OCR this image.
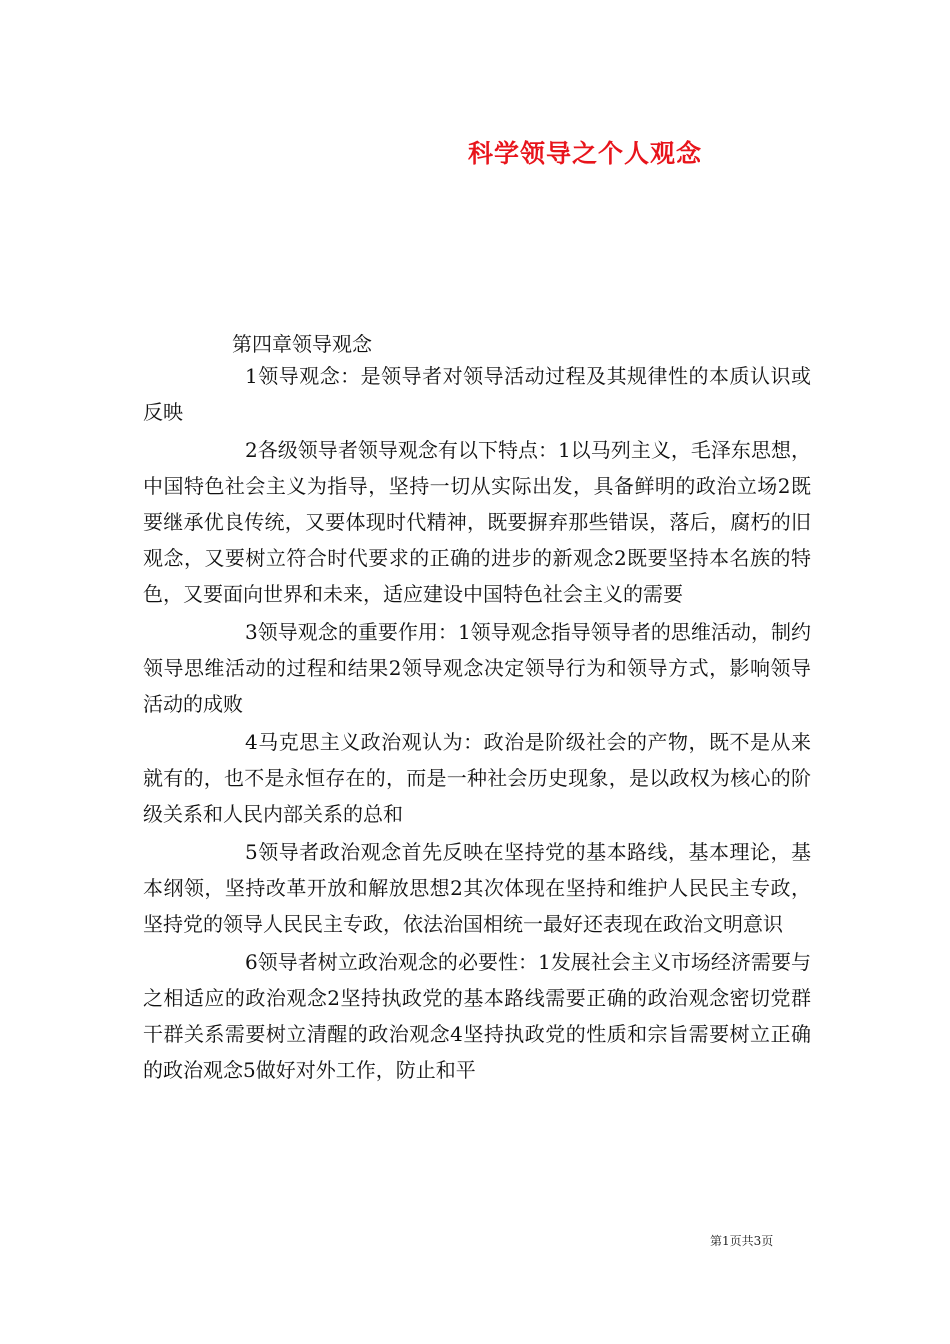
科学领导之个人观念
第四章领导观念

1领导观念：是领导者对领导活动过程及其规律性的本质认识或反映

2各级领导者领导观念有以下特点：1以马列主义，毛泽东思想，中国特色社会主义为指导，坚持一切从实际出发，具备鲜明的政治立场2既要继承优良传统，又要体现时代精神，既要摒弃那些错误，落后，腐朽的旧观念，又要树立符合时代要求的正确的进步的新观念2既要坚持本名族的特色，又要面向世界和未来，适应建设中国特色社会主义的需要

3领导观念的重要作用：1领导观念指导领导者的思维活动，制约领导思维活动的过程和结果2领导观念决定领导行为和领导方式，影响领导活动的成败

4马克思主义政治观认为：政治是阶级社会的产物，既不是从来就有的，也不是永恒存在的，而是一种社会历史现象，是以政权为核心的阶级关系和人民内部关系的总和

5领导者政治观念首先反映在坚持党的基本路线，基本理论，基本纲领，坚持改革开放和解放思想2其次体现在坚持和维护人民民主专政，坚持党的领导人民民主专政，依法治国相统一最好还表现在政治文明意识

6领导者树立政治观念的必要性：1发展社会主义市场经济需要与之相适应的政治观念2坚持执政党的基本路线需要正确的政治观念密切党群干群关系需要树立清醒的政治观念4坚持执政党的性质和宗旨需要树立正确的政治观念5做好对外工作，防止和平

第1页共3页
